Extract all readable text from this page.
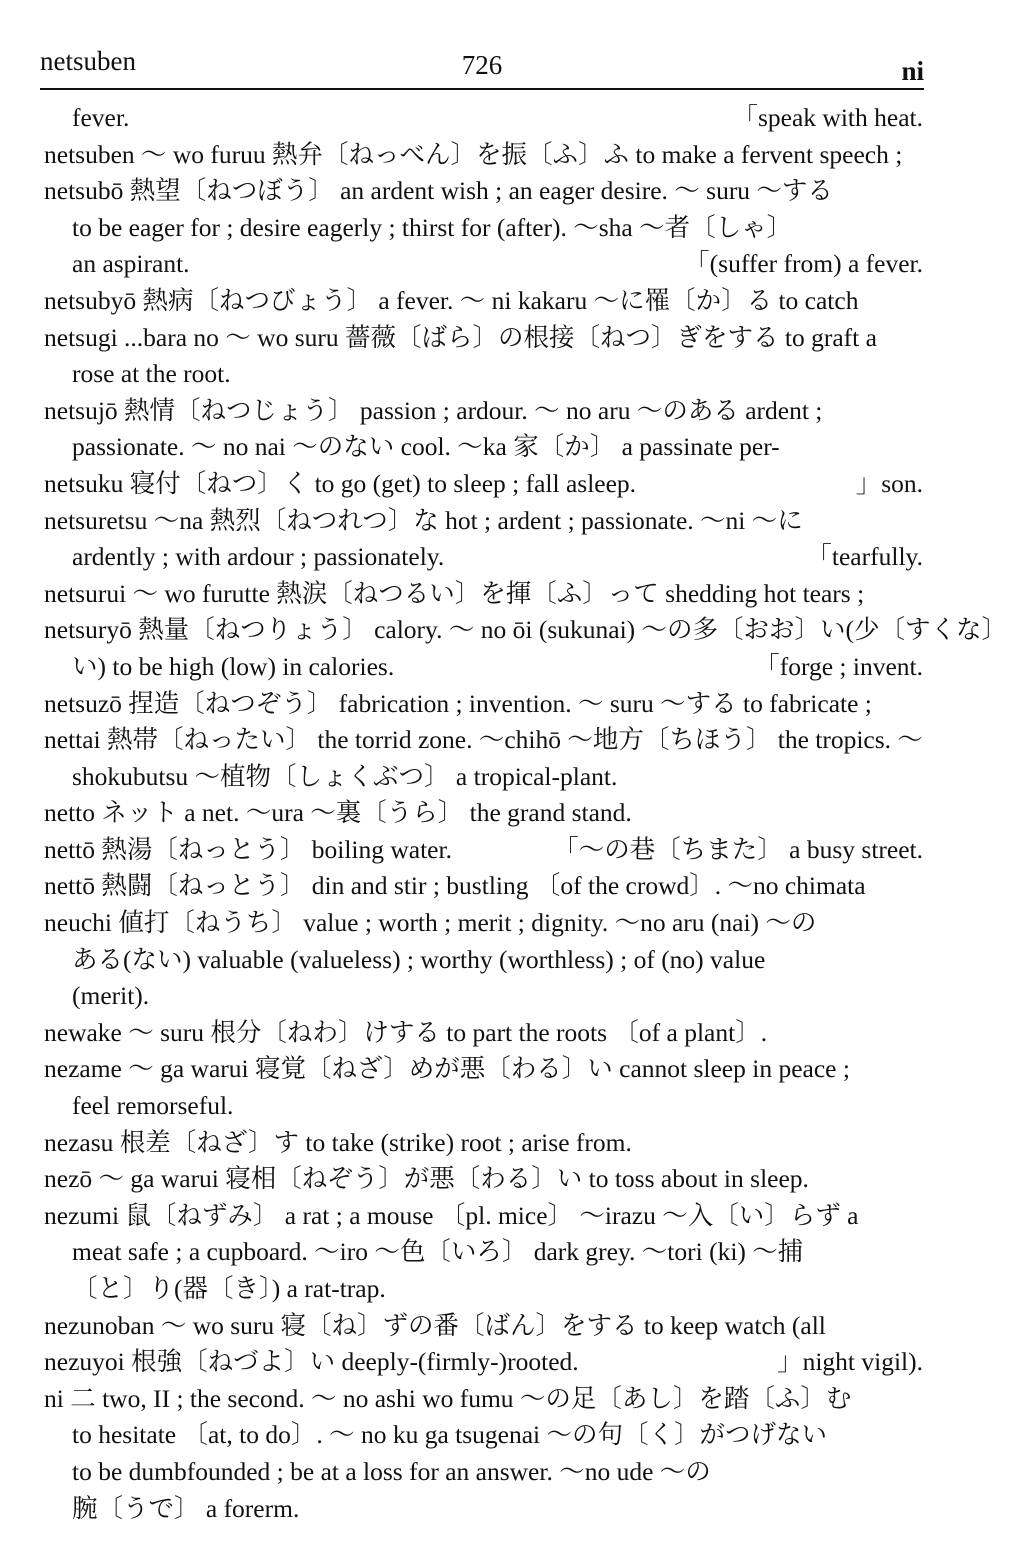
netsuben	726	ni
fever.	「speak with heat.
netsuben 〜 wo furuu 熱弁〔ねっべん〕を振〔ふ〕ふ to make a fervent speech ;
netsubō 熱望〔ねつぼう〕 an ardent wish ; an eager desire. 〜 suru 〜する
to be eager for ; desire eagerly ; thirst for (after). 〜sha 〜者〔しゃ〕
an aspirant.	「(suffer from) a fever.
netsubyō 熱病〔ねつびょう〕 a fever. 〜 ni kakaru 〜に罹〔か〕る to catch
netsugi ...bara no 〜 wo suru 薔薇〔ばら〕の根接〔ねつ〕ぎをする to graft a
rose at the root.
netsujō 熱情〔ねつじょう〕 passion ; ardour. 〜 no aru 〜のある ardent ;
passionate. 〜 no nai 〜のない cool. 〜ka 家〔か〕 a passinate per-
netsuku 寝付〔ねつ〕く to go (get) to sleep ; fall asleep.	」son.
netsuretsu 〜na 熱烈〔ねつれつ〕な hot ; ardent ; passionate. 〜ni 〜に
ardently ; with ardour ; passionately.	「tearfully.
netsurui 〜 wo furutte 熱涙〔ねつるい〕を揮〔ふ〕って shedding hot tears ;
netsuryō 熱量〔ねつりょう〕 calory. 〜 no ōi (sukunai) 〜の多〔おお〕い(少〔すくな〕
い) to be high (low) in calories.	「forge ; invent.
netsuzō 捏造〔ねつぞう〕 fabrication ; invention. 〜 suru 〜する to fabricate ;
nettai 熱帯〔ねったい〕 the torrid zone. 〜chihō 〜地方〔ちほう〕 the tropics. 〜
shokubutsu 〜植物〔しょくぶつ〕 a tropical-plant.
netto ネット a net. 〜ura 〜裏〔うら〕 the grand stand.
nettō 熱湯〔ねっとう〕 boiling water.	「〜の巷〔ちまた〕 a busy street.
nettō 熱闘〔ねっとう〕 din and stir ; bustling 〔of the crowd〕. 〜no chimata
neuchi 値打〔ねうち〕 value ; worth ; merit ; dignity. 〜no aru (nai) 〜の
ある(ない) valuable (valueless) ; worthy (worthless) ; of (no) value
(merit).
newake 〜 suru 根分〔ねわ〕けする to part the roots 〔of a plant〕.
nezame 〜 ga warui 寝覚〔ねざ〕めが悪〔わる〕い cannot sleep in peace ;
feel remorseful.
nezasu 根差〔ねざ〕す to take (strike) root ; arise from.
nezō 〜 ga warui 寝相〔ねぞう〕が悪〔わる〕い to toss about in sleep.
nezumi 鼠〔ねずみ〕 a rat ; a mouse 〔pl. mice〕 〜irazu 〜入〔い〕らず a
meat safe ; a cupboard. 〜iro 〜色〔いろ〕 dark grey. 〜tori (ki) 〜捕
〔と〕り(器〔き〕) a rat-trap.
nezunoban 〜 wo suru 寝〔ね〕ずの番〔ばん〕をする to keep watch (all
nezuyoi 根強〔ねづよ〕い deeply-(firmly-)rooted.	」night vigil).
ni 二 two, II ; the second. 〜 no ashi wo fumu 〜の足〔あし〕を踏〔ふ〕む
to hesitate 〔at, to do〕. 〜 no ku ga tsugenai 〜の句〔く〕がつげない
to be dumbfounded ; be at a loss for an answer. 〜no ude 〜の
腕〔うで〕 a forerm.
